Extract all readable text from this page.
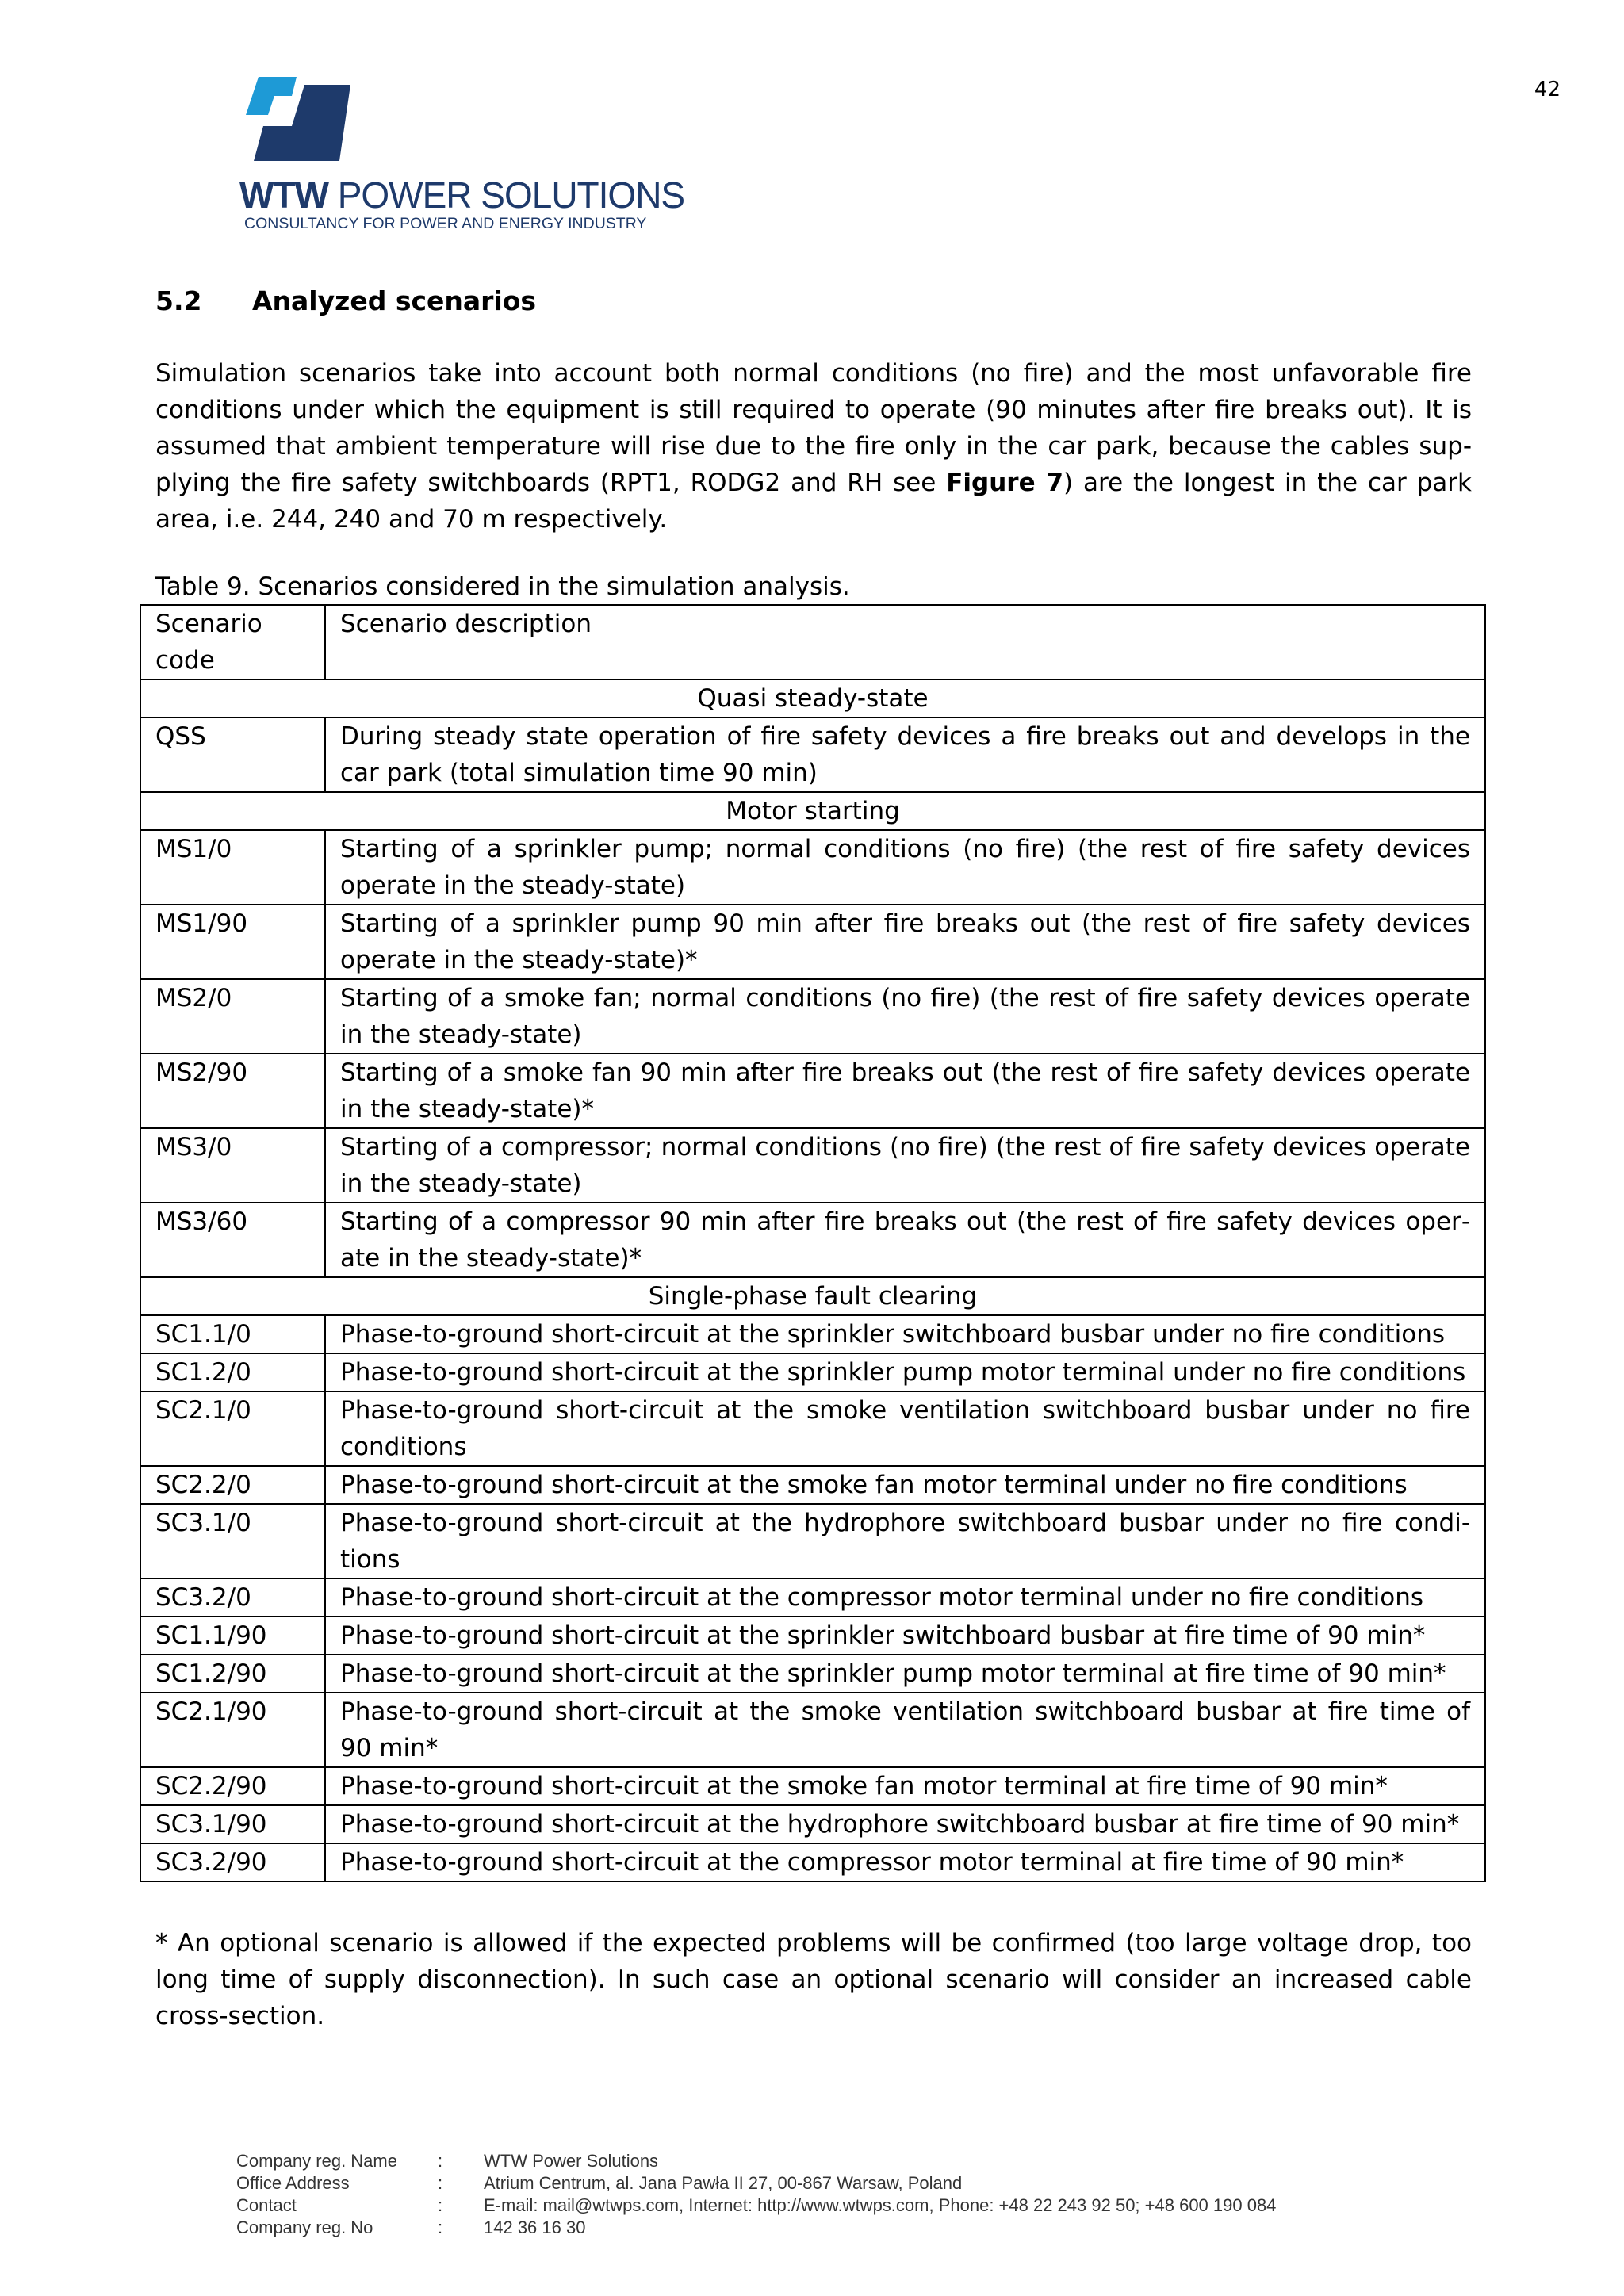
42
WTW POWER SOLUTIONS
CONSULTANCY FOR POWER AND ENERGY INDUSTRY
5.2 Analyzed scenarios

Simulation scenarios take into account both normal conditions (no fire) and the most unfavorable fire conditions under which the equipment is still required to operate (90 minutes after fire breaks out). It is assumed that ambient temperature will rise due to the fire only in the car park, because the cables supplying the fire safety switchboards (RPT1, RODG2 and RH see Figure 7) are the longest in the car park area, i.e. 244, 240 and 70 m respectively.

Table 9. Scenarios considered in the simulation analysis.
Scenario code	Scenario description
Quasi steady-state	
QSS	During steady state operation of fire safety devices a fire breaks out and develops in the car park (total simulation time 90 min)
Motor starting	
MS1/0	Starting of a sprinkler pump; normal conditions (no fire) (the rest of fire safety devices operate in the steady-state)
MS1/90	Starting of a sprinkler pump 90 min after fire breaks out (the rest of fire safety devices operate in the steady-state)*
MS2/0	Starting of a smoke fan; normal conditions (no fire) (the rest of fire safety devices operate in the steady-state)
MS2/90	Starting of a smoke fan 90 min after fire breaks out (the rest of fire safety devices operate in the steady-state)*
MS3/0	Starting of a compressor; normal conditions (no fire) (the rest of fire safety devices operate in the steady-state)
MS3/60	Starting of a compressor 90 min after fire breaks out (the rest of fire safety devices operate in the steady-state)*
Single-phase fault clearing	
SC1.1/0	Phase-to-ground short-circuit at the sprinkler switchboard busbar under no fire conditions
SC1.2/0	Phase-to-ground short-circuit at the sprinkler pump motor terminal under no fire conditions
SC2.1/0	Phase-to-ground short-circuit at the smoke ventilation switchboard busbar under no fire conditions
SC2.2/0	Phase-to-ground short-circuit at the smoke fan motor terminal under no fire conditions
SC3.1/0	Phase-to-ground short-circuit at the hydrophore switchboard busbar under no fire conditions
SC3.2/0	Phase-to-ground short-circuit at the compressor motor terminal under no fire conditions
SC1.1/90	Phase-to-ground short-circuit at the sprinkler switchboard busbar at fire time of 90 min*
SC1.2/90	Phase-to-ground short-circuit at the sprinkler pump motor terminal at fire time of 90 min*
SC2.1/90	Phase-to-ground short-circuit at the smoke ventilation switchboard busbar at fire time of 90 min*
SC2.2/90	Phase-to-ground short-circuit at the smoke fan motor terminal at fire time of 90 min*
SC3.1/90	Phase-to-ground short-circuit at the hydrophore switchboard busbar at fire time of 90 min*
SC3.2/90	Phase-to-ground short-circuit at the compressor motor terminal at fire time of 90 min*

* An optional scenario is allowed if the expected problems will be confirmed (too large voltage drop, too long time of supply disconnection). In such case an optional scenario will consider an increased cable cross-section.

Company reg. Name	:	WTW Power Solutions
Office Address	:	Atrium Centrum, al. Jana Pawła II 27, 00-867 Warsaw, Poland
Contact	:	E-mail: mail@wtwps.com, Internet: http://www.wtwps.com, Phone: +48 22 243 92 50; +48 600 190 084
Company reg. No	:	142 36 16 30
